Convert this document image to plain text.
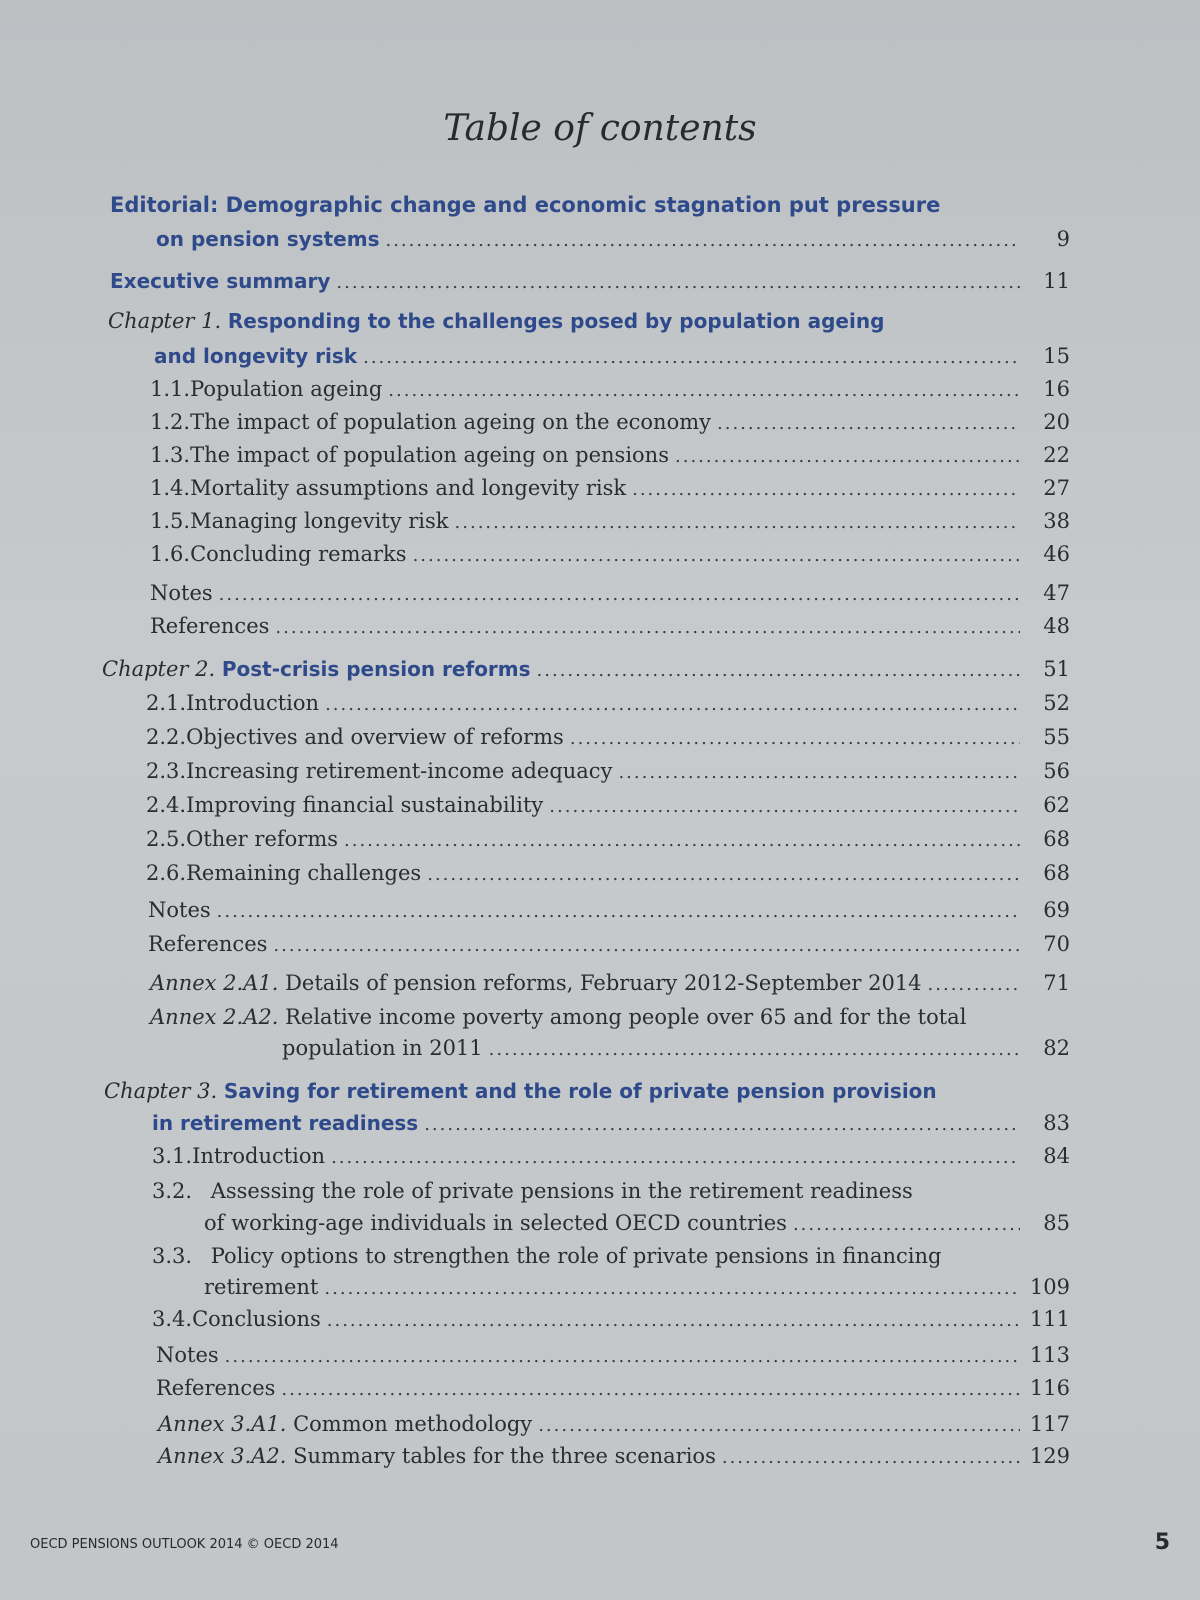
Table of contents
Editorial: Demographic change and economic stagnation put pressure
on pension systems .....	9
Executive summary .....	11
Chapter 1. Responding to the challenges posed by population ageing
and longevity risk .....	15
1.1. Population ageing .....	16
1.2. The impact of population ageing on the economy .....	20
1.3. The impact of population ageing on pensions .....	22
1.4. Mortality assumptions and longevity risk .....	27
1.5. Managing longevity risk .....	38
1.6. Concluding remarks .....	46
Notes .....	47
References .....	48
Chapter 2. Post-crisis pension reforms .....	51
2.1. Introduction .....	52
2.2. Objectives and overview of reforms .....	55
2.3. Increasing retirement-income adequacy .....	56
2.4. Improving financial sustainability .....	62
2.5. Other reforms .....	68
2.6. Remaining challenges .....	68
Notes .....	69
References .....	70
Annex 2.A1. Details of pension reforms, February 2012-September 2014 .....	71
Annex 2.A2. Relative income poverty among people over 65 and for the total
population in 2011 .....	82
Chapter 3. Saving for retirement and the role of private pension provision
in retirement readiness .....	83
3.1. Introduction .....	84
3.2. Assessing the role of private pensions in the retirement readiness
of working-age individuals in selected OECD countries .....	85
3.3. Policy options to strengthen the role of private pensions in financing
retirement .....	109
3.4. Conclusions .....	111
Notes .....	113
References .....	116
Annex 3.A1. Common methodology .....	117
Annex 3.A2. Summary tables for the three scenarios .....	129
OECD PENSIONS OUTLOOK 2014 © OECD 2014	5
